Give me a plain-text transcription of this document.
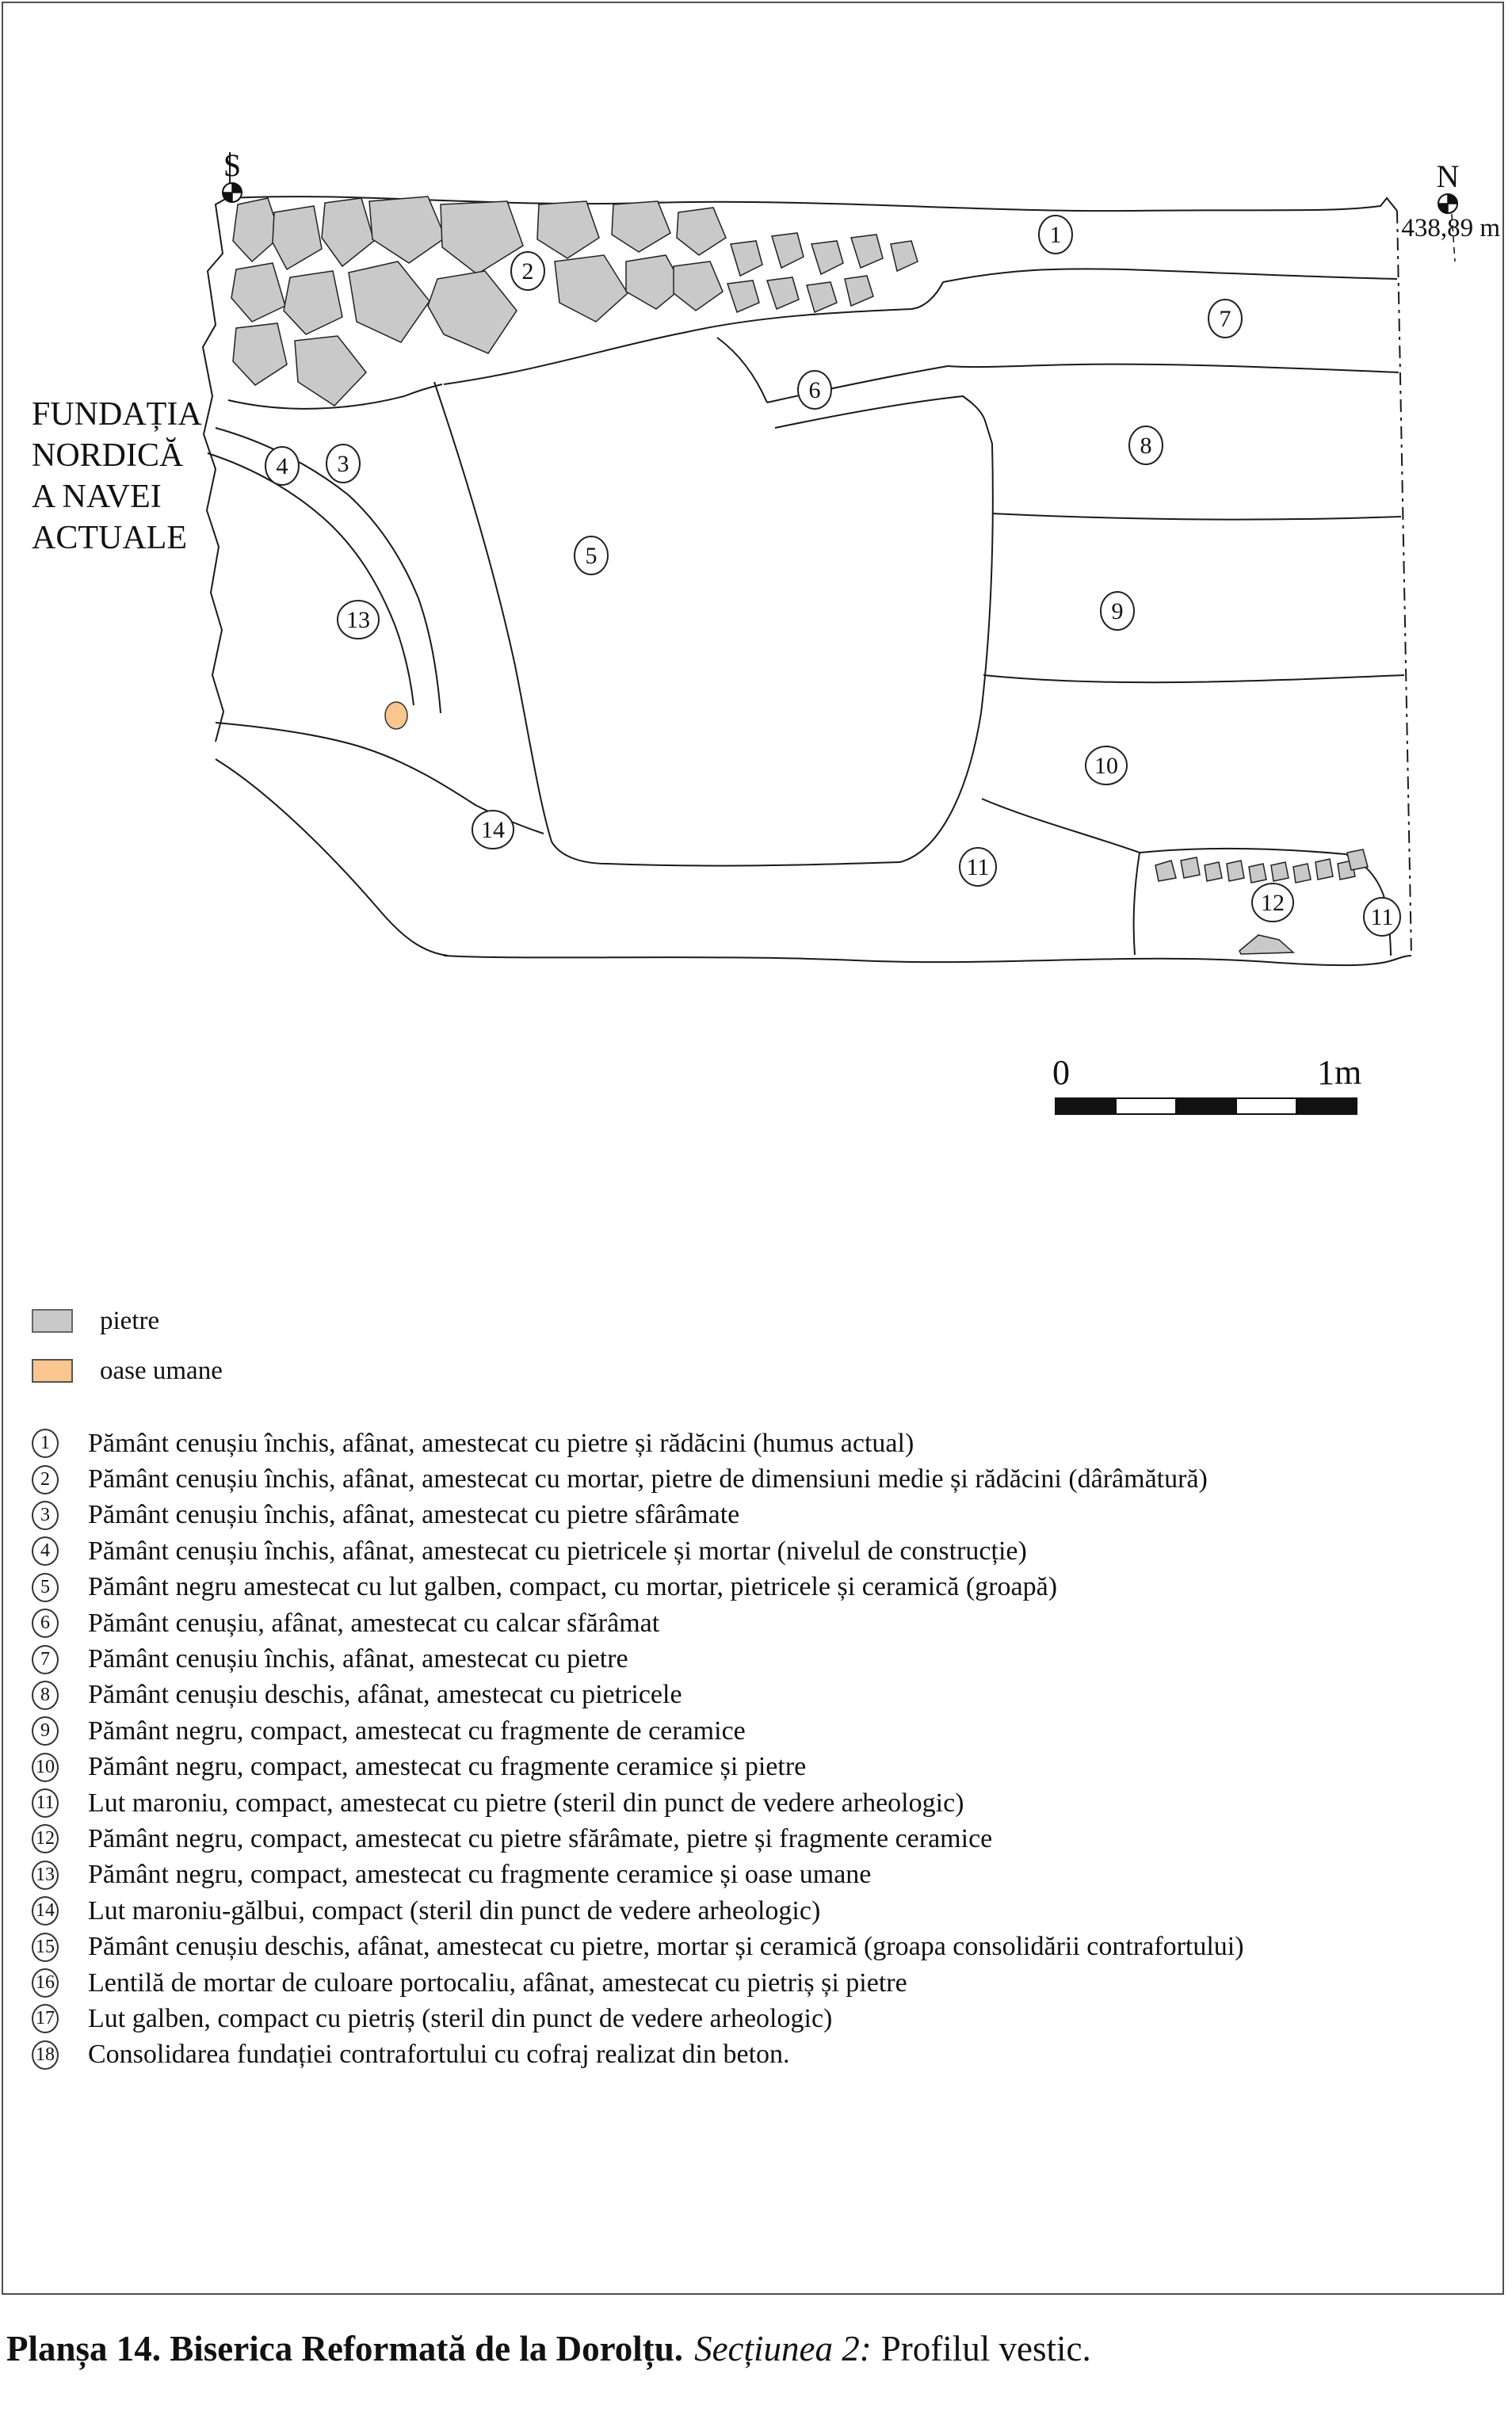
S	N
438,89 m
FUNDAȚIA
NORDICĂ
A NAVEI
ACTUALE
1
2
7
6
8
4 3
5
9
13
10
14
11
12
11
0	1m
pietre
oase umane
1	Pământ cenușiu închis, afânat, amestecat cu pietre și rădăcini (humus actual)
2	Pământ cenușiu închis, afânat, amestecat cu mortar, pietre de dimensiuni medie și rădăcini (dârâmătură)
3	Pământ cenușiu închis, afânat, amestecat cu pietre sfârâmate
4	Pământ cenușiu închis, afânat, amestecat cu pietricele și mortar (nivelul de construcție)
5	Pământ negru amestecat cu lut galben, compact, cu mortar, pietricele și ceramică (groapă)
6	Pământ cenușiu, afânat, amestecat cu calcar sfărâmat
7	Pământ cenușiu închis, afânat, amestecat cu pietre
8	Pământ cenușiu deschis, afânat, amestecat cu pietricele
9	Pământ negru, compact, amestecat cu fragmente de ceramice
10 Pământ negru, compact, amestecat cu fragmente ceramice și pietre
11 Lut maroniu, compact, amestecat cu pietre (steril din punct de vedere arheologic)
12 Pământ negru, compact, amestecat cu pietre sfărâmate, pietre și fragmente ceramice
13 Pământ negru, compact, amestecat cu fragmente ceramice și oase umane
14 Lut maroniu-gălbui, compact (steril din punct de vedere arheologic)
15 Pământ cenușiu deschis, afânat, amestecat cu pietre, mortar și ceramică (groapa consolidării contrafortului)
16 Lentilă de mortar de culoare portocaliu, afânat, amestecat cu pietriș și pietre
17 Lut galben, compact cu pietriș (steril din punct de vedere arheologic)
18 Consolidarea fundației contrafortului cu cofraj realizat din beton.
Planșa 14. Biserica Reformată de la Dorolțu. Secțiunea 2: Profilul vestic.
